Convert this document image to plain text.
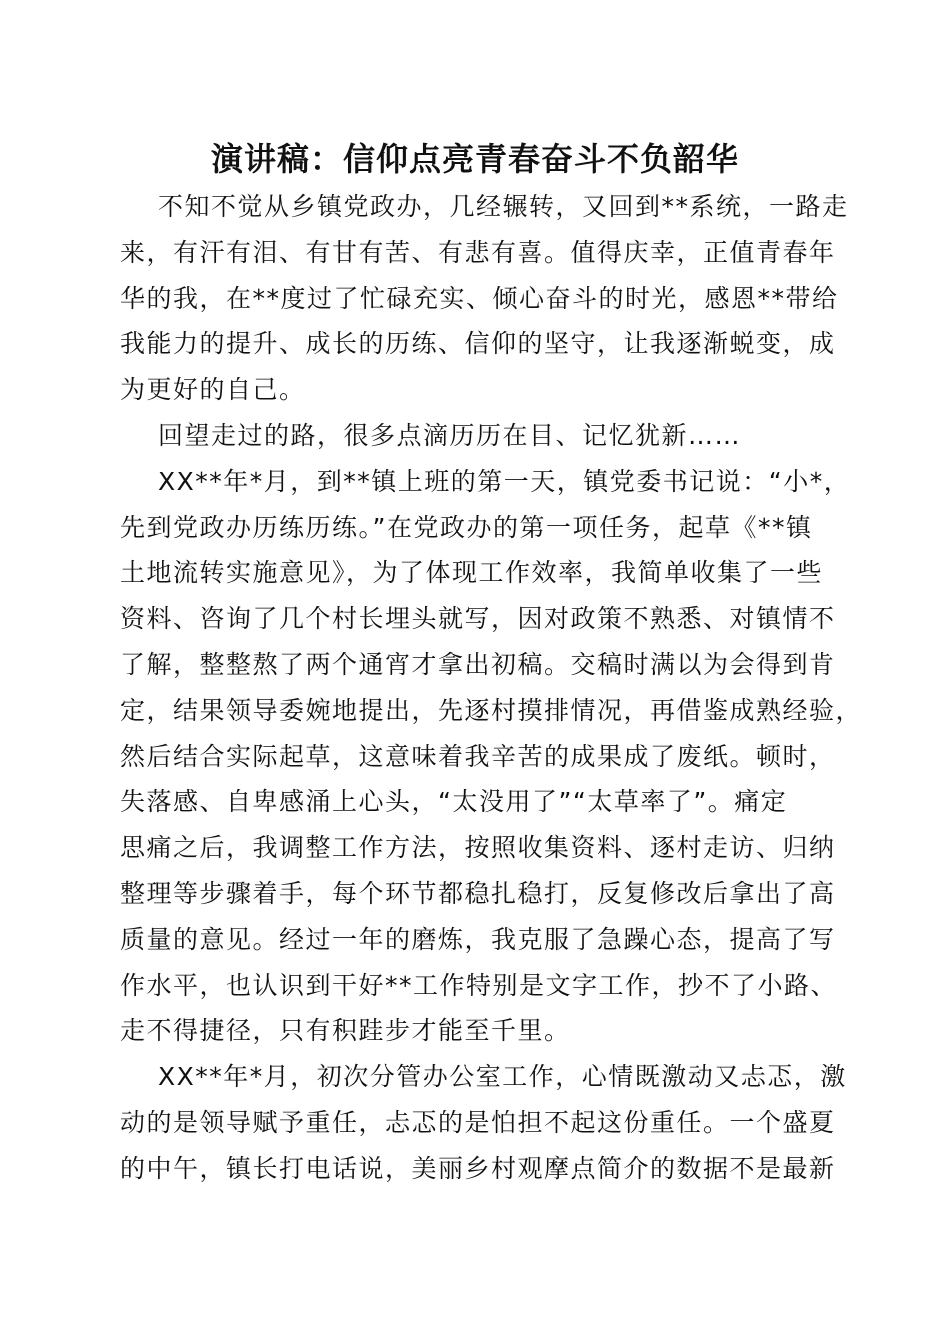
演讲稿：信仰点亮青春奋斗不负韶华

不知不觉从乡镇党政办，几经辗转，又回到**系统，一路走
来，有汗有泪、有甘有苦、有悲有喜。值得庆幸，正值青春年
华的我，在**度过了忙碌充实、倾心奋斗的时光，感恩**带给
我能力的提升、成长的历练、信仰的坚守，让我逐渐蜕变，成
为更好的自己。

回望走过的路，很多点滴历历在目、记忆犹新……

XX**年*月，到**镇上班的第一天，镇党委书记说：“小*，
先到党政办历练历练。”在党政办的第一项任务，起草《**镇
土地流转实施意见》，为了体现工作效率，我简单收集了一些
资料、咨询了几个村长埋头就写，因对政策不熟悉、对镇情不
了解，整整熬了两个通宵才拿出初稿。交稿时满以为会得到肯
定，结果领导委婉地提出，先逐村摸排情况，再借鉴成熟经验，
然后结合实际起草，这意味着我辛苦的成果成了废纸。顿时，
失落感、自卑感涌上心头，“太没用了”“太草率了”。痛定
思痛之后，我调整工作方法，按照收集资料、逐村走访、归纳
整理等步骤着手，每个环节都稳扎稳打，反复修改后拿出了高
质量的意见。经过一年的磨炼，我克服了急躁心态，提高了写
作水平，也认识到干好**工作特别是文字工作，抄不了小路、
走不得捷径，只有积跬步才能至千里。

XX**年*月，初次分管办公室工作，心情既激动又忐忑，激
动的是领导赋予重任，忐忑的是怕担不起这份重任。一个盛夏
的中午，镇长打电话说，美丽乡村观摩点简介的数据不是最新
